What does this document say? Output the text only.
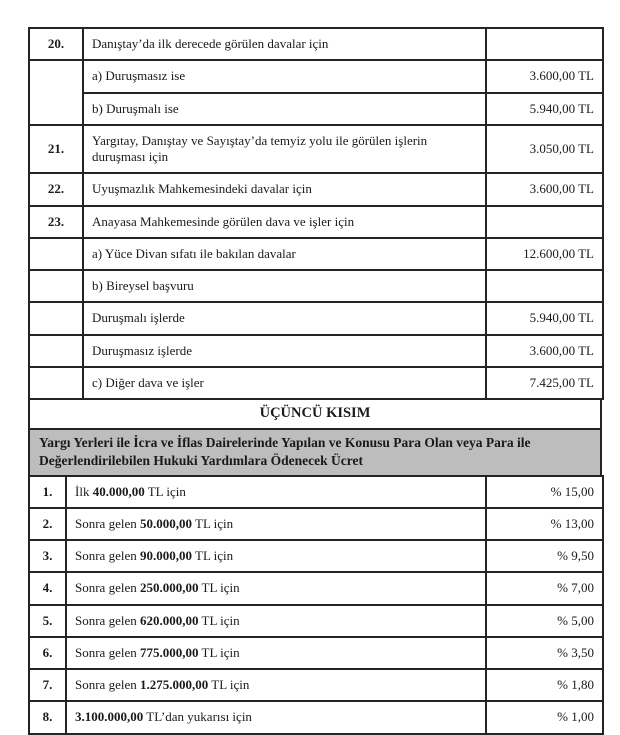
20.	Danıştay’da ilk derecede görülen davalar için	
	a) Duruşmasız ise	3.600,00 TL
	b) Duruşmalı ise	5.940,00 TL
21.	Yargıtay, Danıştay ve Sayıştay’da temyiz yolu ile görülen işlerin duruşması için	3.050,00 TL
22.	Uyuşmazlık Mahkemesindeki davalar için	3.600,00 TL
23.	Anayasa Mahkemesinde görülen dava ve işler için	
	a) Yüce Divan sıfatı ile bakılan davalar	12.600,00 TL
	b) Bireysel başvuru	
	Duruşmalı işlerde	5.940,00 TL
	Duruşmasız işlerde	3.600,00 TL
	c) Diğer dava ve işler	7.425,00 TL
ÜÇÜNCÜ KISIM
Yargı Yerleri ile İcra ve İflas Dairelerinde Yapılan ve Konusu Para Olan veya Para ile Değerlendirilebilen Hukuki Yardımlara Ödenecek Ücret
1.	İlk 40.000,00 TL için	% 15,00
2.	Sonra gelen 50.000,00 TL için	% 13,00
3.	Sonra gelen 90.000,00 TL için	% 9,50
4.	Sonra gelen 250.000,00 TL için	% 7,00
5.	Sonra gelen 620.000,00 TL için	% 5,00
6.	Sonra gelen 775.000,00 TL için	% 3,50
7.	Sonra gelen 1.275.000,00 TL için	% 1,80
8.	3.100.000,00 TL’dan yukarısı için	% 1,00
